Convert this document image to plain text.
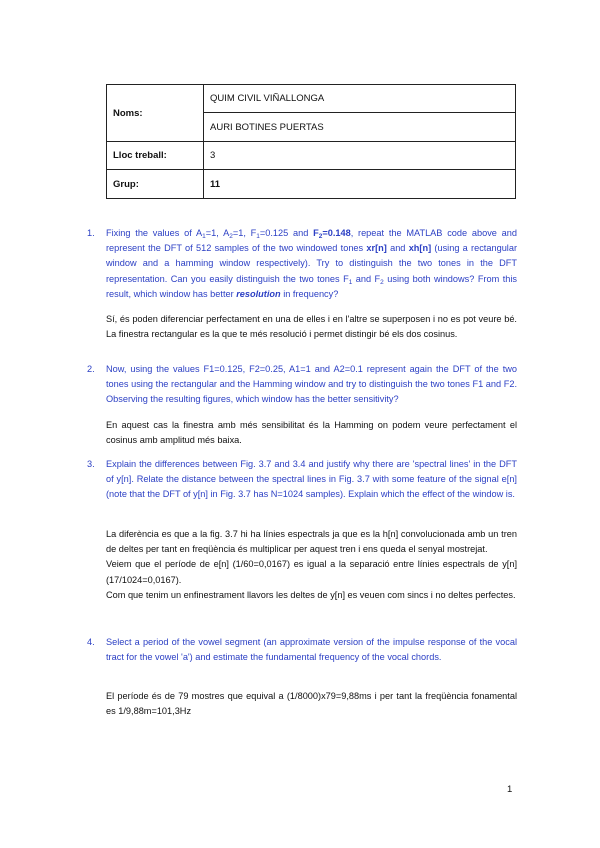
Noms:	QUIM CIVIL VIÑALLONGA
	AURI BOTINES PUERTAS
Lloc treball:	3
Grup:	11
1. Fixing the values of $A_1=1$, $A_2=1$, $F_1=0.125$ and $F_2=0.148$, repeat the MATLAB code above and represent the DFT of 512 samples of the two windowed tones xr[n] and xh[n] (using a rectangular window and a hamming window respectively). Try to distinguish the two tones in the DFT representation. Can you easily distinguish the two tones $F_1$ and $F_2$ using both windows? From this result, which window has better resolution in frequency?

Sí, és poden diferenciar perfectament en una de elles i en l'altre se superposen i no es pot veure bé. La finestra rectangular es la que te més resolució i permet distingir bé els dos cosinus.

2. Now, using the values F1=0.125, F2=0.25, A1=1 and A2=0.1 represent again the DFT of the two tones using the rectangular and the Hamming window and try to distinguish the two tones F1 and F2. Observing the resulting figures, which window has the better sensitivity?

En aquest cas la finestra amb més sensibilitat és la Hamming on podem veure perfectament el cosinus amb amplitud més baixa.

3. Explain the differences between Fig. 3.7 and 3.4 and justify why there are 'spectral lines' in the DFT of y[n]. Relate the distance between the spectral lines in Fig. 3.7 with some feature of the signal e[n] (note that the DFT of y[n] in Fig. 3.7 has N=1024 samples). Explain which the effect of the window is.

La diferència es que a la fig. 3.7 hi ha línies espectrals ja que es la h[n] convolucionada amb un tren de deltes per tant en freqüència és multiplicar per aquest tren i ens queda el senyal mostrejat.

Veiem que el període de e[n] (1/60=0,0167) es igual a la separació entre línies espectrals de y[n] (17/1024=0,0167).

Com que tenim un enfinestrament llavors les deltes de y[n] es veuen com sincs i no deltes perfectes.

4. Select a period of the vowel segment (an approximate version of the impulse response of the vocal tract for the vowel 'a') and estimate the fundamental frequency of the vocal chords.

El període és de 79 mostres que equival a (1/8000)x79=9,88ms i per tant la freqüència fonamental es 1/9,88m=101,3Hz

1
